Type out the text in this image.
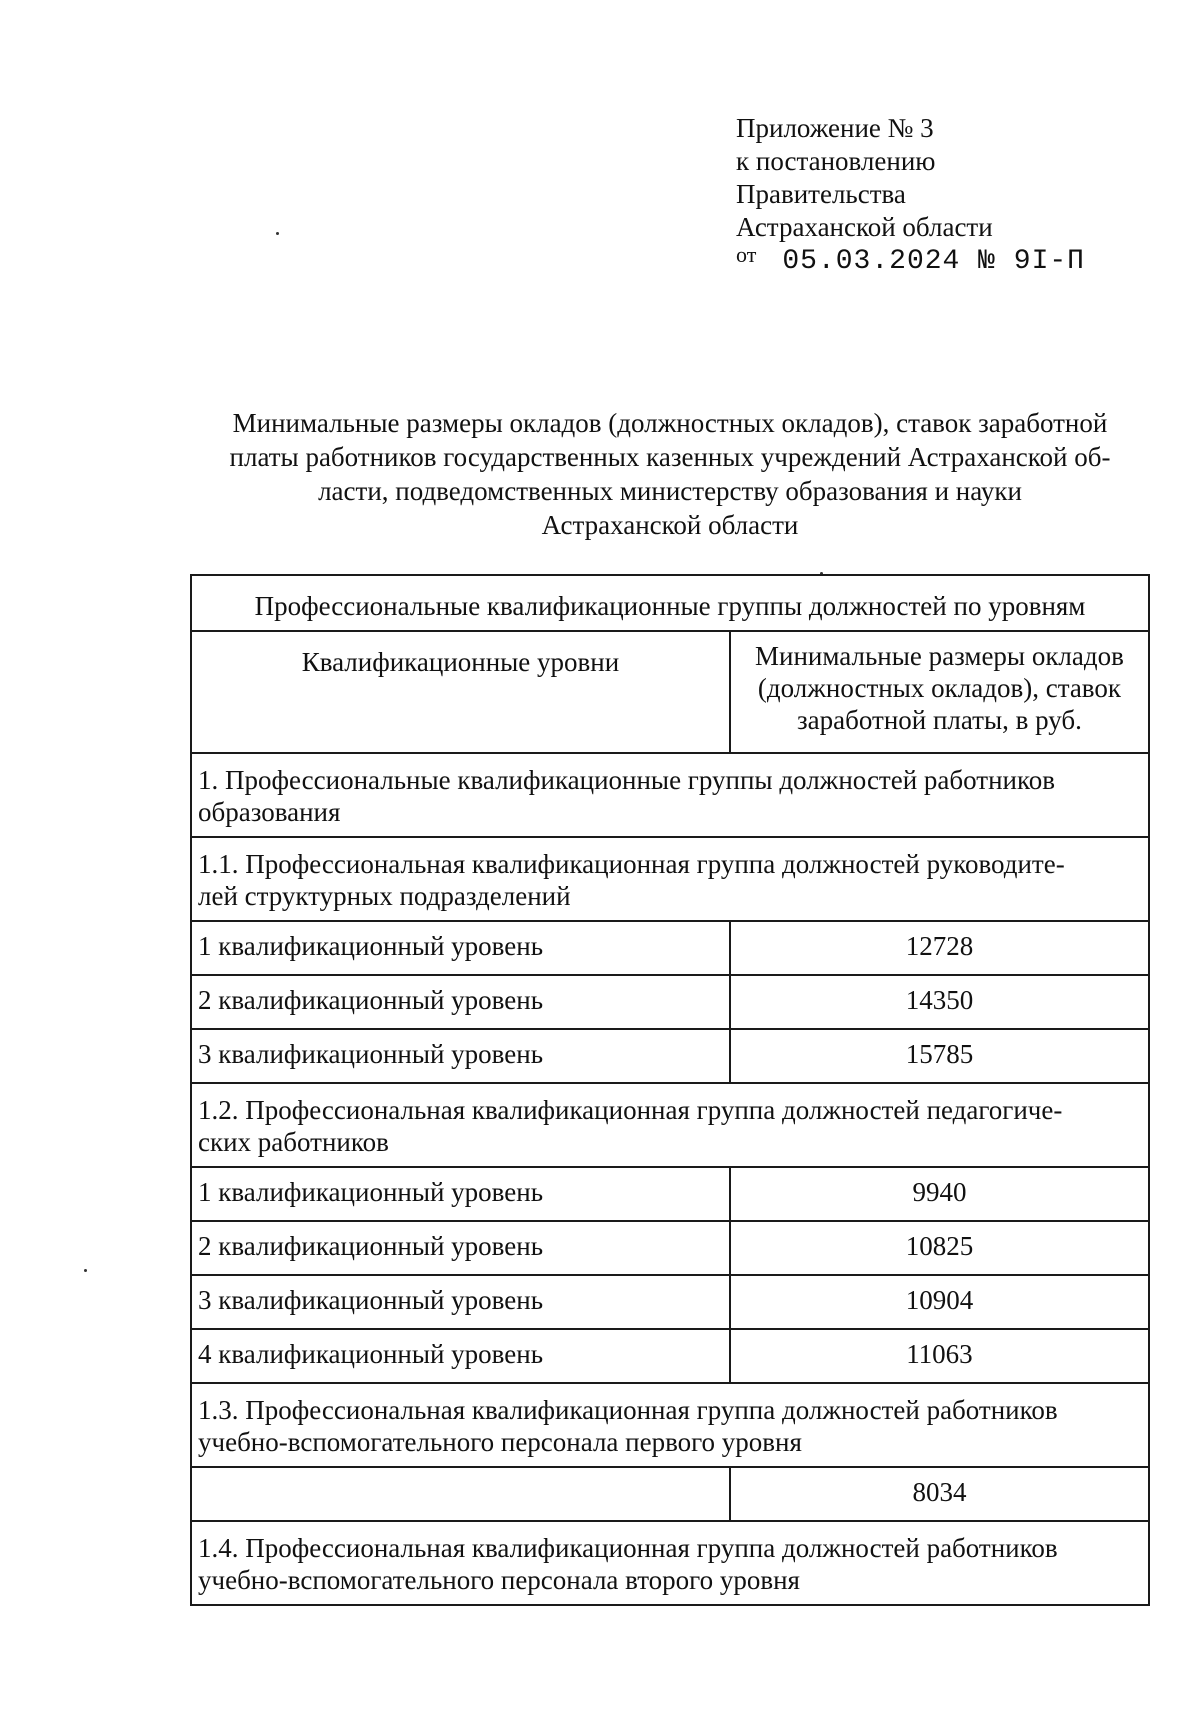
Приложение № 3
к постановлению
Правительства
Астраханской области
от 05.03.2024 № 9I-П
Минимальные размеры окладов (должностных окладов), ставок заработной
платы работников государственных казенных учреждений Астраханской об-
ласти, подведомственных министерству образования и науки
Астраханской области
Профессиональные квалификационные группы должностей по уровням	
Квалификационные уровни	Минимальные размеры окладов
(должностных окладов), ставок
заработной платы, в руб.

1. Профессиональные квалификационные группы должностей работников
образования	

1.1. Профессиональная квалификационная группа должностей руководите-
лей структурных подразделений	

1 квалификационный уровень	12728
2 квалификационный уровень	14350
3 квалификационный уровень	15785

1.2. Профессиональная квалификационная группа должностей педагогиче-
ских работников	

1 квалификационный уровень	9940
2 квалификационный уровень	10825
3 квалификационный уровень	10904
4 квалификационный уровень	11063

1.3. Профессиональная квалификационная группа должностей работников
учебно-вспомогательного персонала первого уровня	

	8034

1.4. Профессиональная квалификационная группа должностей работников
учебно-вспомогательного персонала второго уровня	
